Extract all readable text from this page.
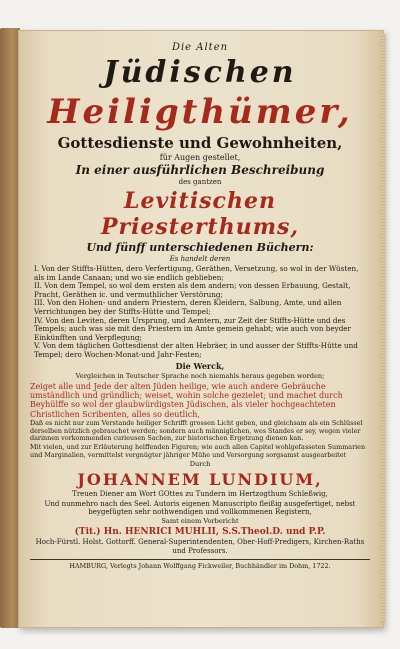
Die Alten

Jüdischen

Heiligthümer,

Gottesdienste und Gewohnheiten,

für Augen gestellet,

In einer ausführlichen Beschreibung

des gantzen

Levitischen Priesterthums,

Und fünff unterschiedenen Büchern:

Es handelt deren

I. Von der Stiffts-Hütten, dero Verfertigung, Geräthen, Versetzung, so wol in der Wüsten, als im Lande Canaan; und wo sie endlich geblieben;

II. Von dem Tempel, so wol dem ersten als dem andern; von dessen Erbauung, Gestalt, Pracht, Geräthen ic. und vermuthlicher Verstörung;

III. Von den Hohen- und andern Priestern, deren Kleidern, Salbung, Amte, und allen Verrichtungen bey der Stiffts-Hütte und Tempel;

IV. Von den Leviten, deren Ursprung, und Aemtern, zur Zeit der Stiffts-Hütte und des Tempels; auch was sie mit den Priestern im Amte gemein gehabt; wie auch von beyder Einkünfften und Verpflegung;

V. Von dem täglichen Gottesdienst der alten Hebräer, in und ausser der Stiffts-Hütte und Tempel; dero Wochen-Monat-und Jahr-Festen;

Die Werck,

Vergleichen in Teutscher Sprache noch niemahls heraus gegeben worden;

Zeiget alle und Jede der alten Jüden heilige, wie auch andere Gebräuche umständlich und gründlich; weiset, wohin solche gezielet; und machet durch Beyhülffe so wol der glaubwürdigsten Jüdischen, als vieler hochgeachteten Christlichen Scribenten, alles so deutlich,

Daß es nicht nur zum Verstande heiliger Schrifft grossen Licht geben, und gleichsam als ein Schlüssel derselben nützlich gebrauchet werden; sondern auch männiglichen, wes Standes er sey, wegen vieler darinnen vorkommenden curieusen Sachen, zur historischen Ergetzung dienen kan.

Mit vielen, und zur Erläuterung helffenden Figuren; wie auch allen Capitel wohlgefasseten Summarien und Marginalien, vermittelst vergnügter jähriger Mühe und Versorgung sorgsamst ausgearbeitet

Durch

JOHANNEM LUNDIUM,

Treuen Diener am Wort GOttes zu Tundern im Hertzogthum Schleßwig,

Und nunmehro nach des Seel. Autoris eigenen Manuscripto fleißig ausgefertiget, nebst beygefügten sehr nothwendigen und vollkommenen Registern,

Samt einem Vorbericht

(Tit.) Hn. HENRICI MUHLII, S.S.Theol.D. und P.P.

Hoch-Fürstl. Holst. Gottorff. General-Superintendenten, Ober-Hoff-Predigers, Kirchen-Raths und Professors.

HAMBURG, Verlegts Johann Wolffgang Fickweiler, Buchhändler im Dohm, 1722.
